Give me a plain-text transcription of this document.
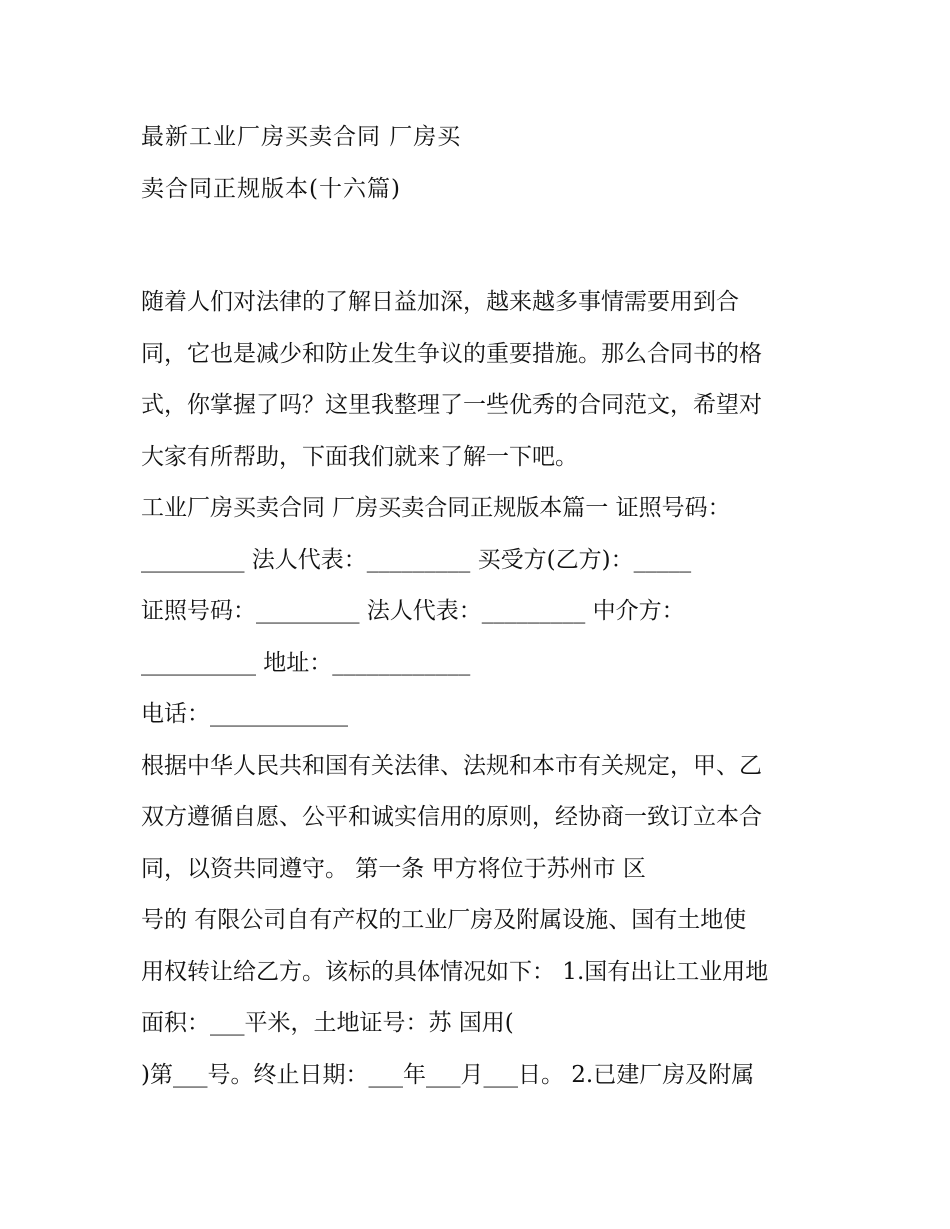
最新工业厂房买卖合同 厂房买
卖合同正规版本(十六篇)
随着人们对法律的了解日益加深，越来越多事情需要用到合
同，它也是减少和防止发生争议的重要措施。那么合同书的格
式，你掌握了吗？这里我整理了一些优秀的合同范文，希望对
大家有所帮助，下面我们就来了解一下吧。
工业厂房买卖合同 厂房买卖合同正规版本篇一 证照号码：
_________ 法人代表：_________ 买受方(乙方)：_____
证照号码：_________ 法人代表：_________ 中介方：
__________ 地址：____________
电话：____________
根据中华人民共和国有关法律、法规和本市有关规定，甲、乙
双方遵循自愿、公平和诚实信用的原则，经协商一致订立本合
同，以资共同遵守。 第一条 甲方将位于苏州市 区
号的 有限公司自有产权的工业厂房及附属设施、国有土地使
用权转让给乙方。该标的具体情况如下： 1.国有出让工业用地
面积：___平米，土地证号：苏 国用(
)第___号。终止日期：___年___月___日。 2.已建厂房及附属
